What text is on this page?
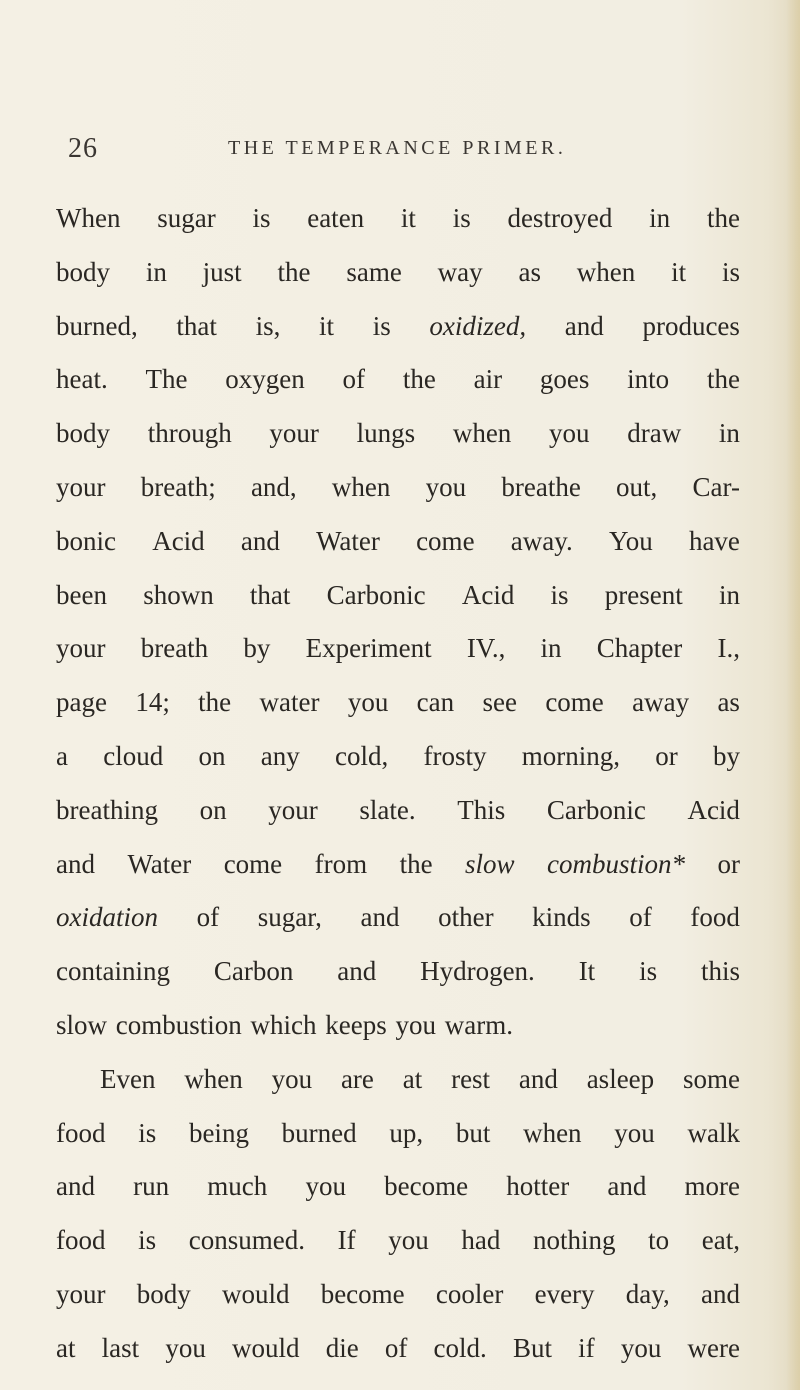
26	THE TEMPERANCE PRIMER.
When sugar is eaten it is destroyed in the
body in just the same way as when it is
burned, that is, it is oxidized, and produces
heat. The oxygen of the air goes into the
body through your lungs when you draw in
your breath; and, when you breathe out, Car-
bonic Acid and Water come away. You have
been shown that Carbonic Acid is present in
your breath by Experiment IV., in Chapter I.,
page 14; the water you can see come away as
a cloud on any cold, frosty morning, or by
breathing on your slate. This Carbonic Acid
and Water come from the slow combustion* or
oxidation of sugar, and other kinds of food
containing Carbon and Hydrogen. It is this
slow combustion which keeps you warm.
Even when you are at rest and asleep some
food is being burned up, but when you walk
and run much you become hotter and more
food is consumed. If you had nothing to eat,
your body would become cooler every day, and
at last you would die of cold. But if you were
